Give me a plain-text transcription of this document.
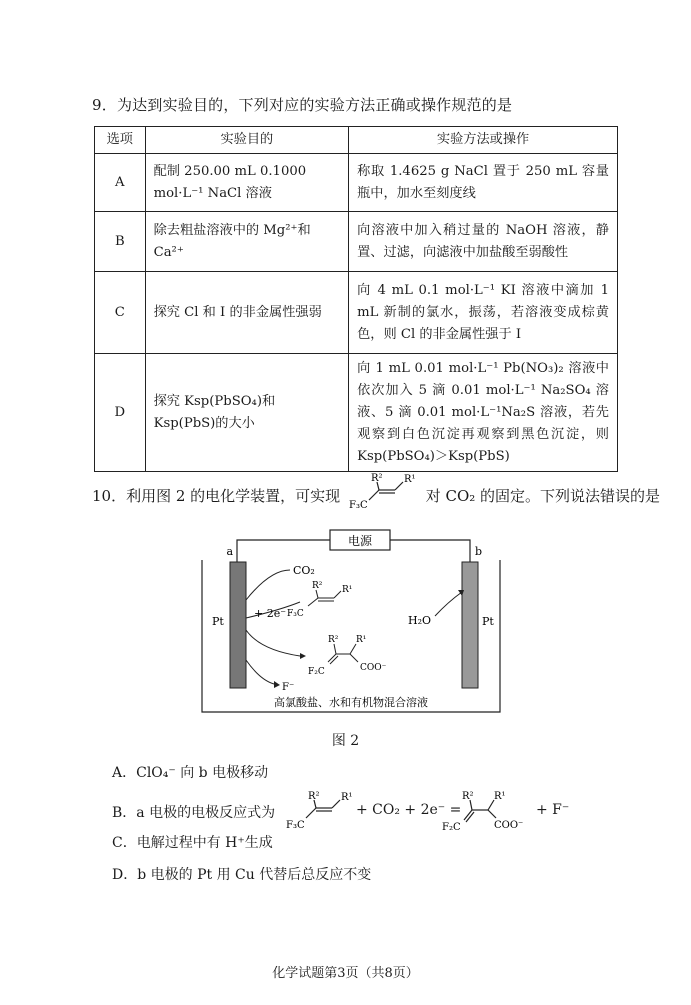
9．为达到实验目的，下列对应的实验方法正确或操作规范的是
选项	实验目的	实验方法或操作
A	配制 250.00 mL 0.1000 mol·L⁻¹ NaCl 溶液	称取 1.4625 g NaCl 置于 250 mL 容量瓶中，加水至刻度线
B	除去粗盐溶液中的 Mg²⁺和 Ca²⁺	向溶液中加入稍过量的 NaOH 溶液，静置、过滤，向滤液中加盐酸至弱酸性
C	探究 Cl 和 I 的非金属性强弱	向 4 mL 0.1 mol·L⁻¹ KI 溶液中滴加 1 mL 新制的氯水，振荡，若溶液变成棕黄色，则 Cl 的非金属性强于 I
D	探究 Ksp(PbSO₄)和 Ksp(PbS)的大小	向 1 mL 0.01 mol·L⁻¹ Pb(NO₃)₂ 溶液中依次加入 5 滴 0.01 mol·L⁻¹ Na₂SO₄ 溶液、5 滴 0.01 mol·L⁻¹Na₂S 溶液，若先观察到白色沉淀再观察到黑色沉淀，则 Ksp(PbSO₄)＞Ksp(PbS)
10．利用图 2 的电化学装置，可实现
R² R¹
F₃C
对 CO₂ 的固定。下列说法错误的是
电源
a	b
Pt	Pt
CO₂
+ 2e⁻
R² R¹
F₃C
R² R¹
F₂C	COO⁻
F⁻
H₂O
高氯酸盐、水和有机物混合溶液
图 2
A．ClO₄⁻ 向 b 电极移动
B．a 电极的电极反应式为
R² R¹
F₃C
+ CO₂ + 2e⁻ =
R² R¹
F₂C	COO⁻
+ F⁻
C．电解过程中有 H⁺生成
D．b 电极的 Pt 用 Cu 代替后总反应不变
化学试题第3页（共8页）
